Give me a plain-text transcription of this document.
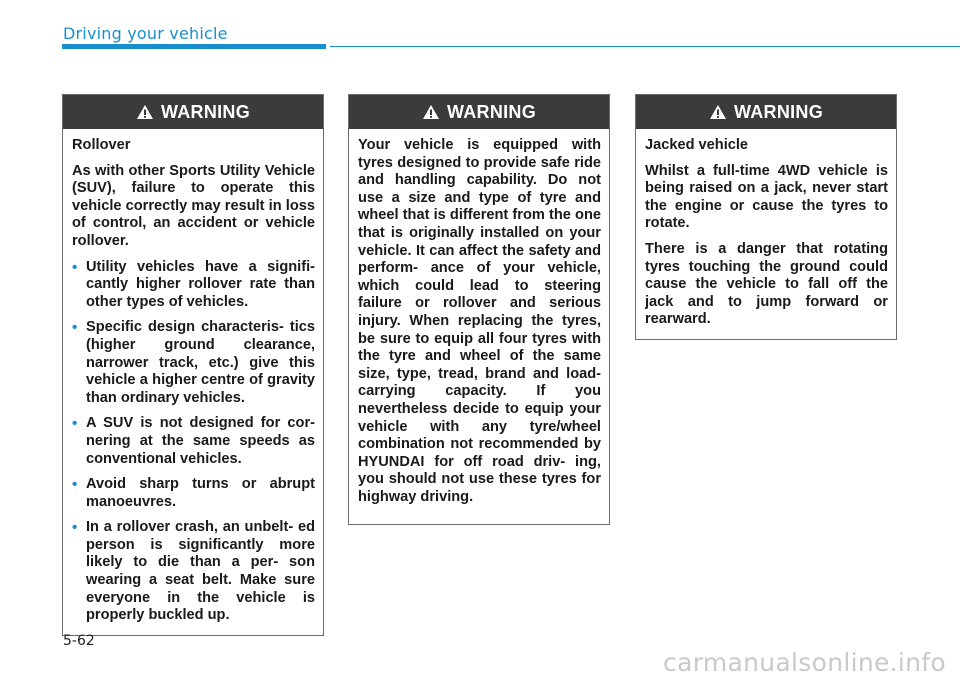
Driving your vehicle
WARNING

Rollover

As with other Sports Utility Vehicle (SUV), failure to operate this vehicle correctly may result in loss of control, an accident or vehicle rollover.

• Utility vehicles have a signifi- cantly higher rollover rate than other types of vehicles.
• Specific design characteris- tics (higher ground clearance, narrower track, etc.) give this vehicle a higher centre of gravity than ordinary vehicles.
• A SUV is not designed for cor- nering at the same speeds as conventional vehicles.
• Avoid sharp turns or abrupt manoeuvres.
• In a rollover crash, an unbelt- ed person is significantly more likely to die than a per- son wearing a seat belt. Make sure everyone in the vehicle is properly buckled up.
WARNING

Your vehicle is equipped with tyres designed to provide safe ride and handling capability. Do not use a size and type of tyre and wheel that is different from the one that is originally installed on your vehicle. It can affect the safety and perform- ance of your vehicle, which could lead to steering failure or rollover and serious injury. When replacing the tyres, be sure to equip all four tyres with the tyre and wheel of the same size, type, tread, brand and load-carrying capacity. If you nevertheless decide to equip your vehicle with any tyre/wheel combination not recommended by HYUNDAI for off road driv- ing, you should not use these tyres for highway driving.

WARNING

Jacked vehicle

Whilst a full-time 4WD vehicle is being raised on a jack, never start the engine or cause the tyres to rotate.

There is a danger that rotating tyres touching the ground could cause the vehicle to fall off the jack and to jump forward or rearward.

5-62
carmanualsonline.info
